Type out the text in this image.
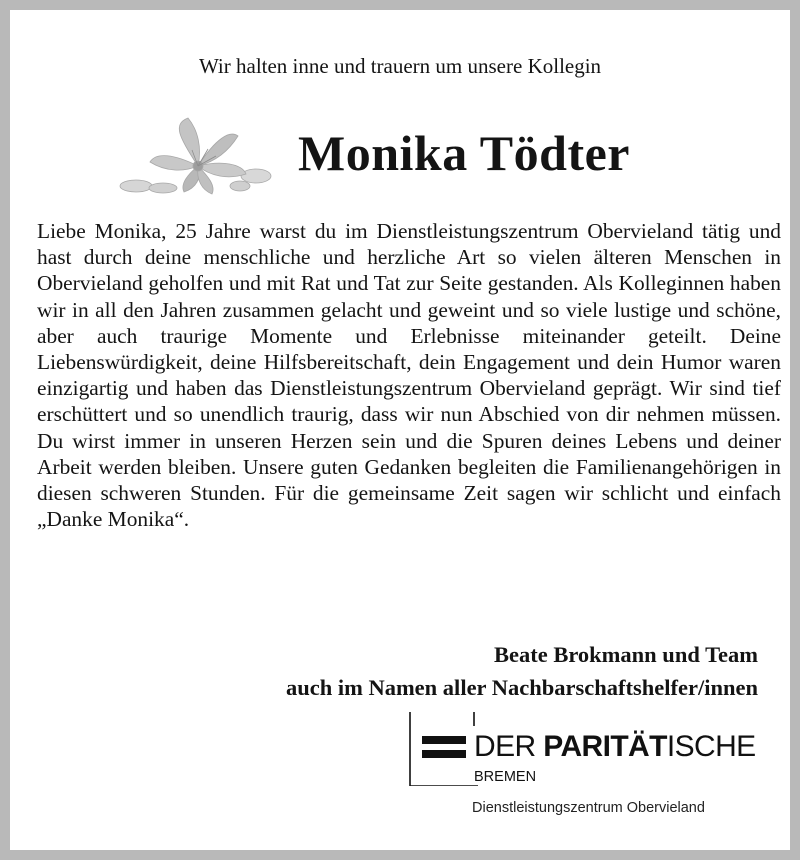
Wir halten inne und trauern um unsere Kollegin
Monika Tödter
Liebe Monika, 25 Jahre warst du im Dienstleistungszentrum Obervieland tätig und hast durch deine menschliche und herzliche Art so vielen älteren Menschen in Obervieland geholfen und mit Rat und Tat zur Seite gestanden. Als Kolleginnen haben wir in all den Jahren zusammen gelacht und geweint und so viele lustige und schöne, aber auch traurige Momente und Erlebnisse miteinander geteilt. Deine Liebenswürdigkeit, deine Hilfsbereitschaft, dein Engagement und dein Humor waren einzigartig und haben das Dienstleistungszentrum Obervieland geprägt. Wir sind tief erschüttert und so unendlich traurig, dass wir nun Abschied von dir nehmen müssen. Du wirst immer in unseren Herzen sein und die Spuren deines Lebens und deiner Arbeit werden bleiben. Unsere guten Gedanken begleiten die Familienangehörigen in diesen schweren Stunden. Für die gemeinsame Zeit sagen wir schlicht und einfach „Danke Monika“.
Beate Brokmann und Team
auch im Namen aller Nachbarschaftshelfer/innen
DER PARITÄTISCHE
BREMEN
Dienstleistungszentrum Obervieland
